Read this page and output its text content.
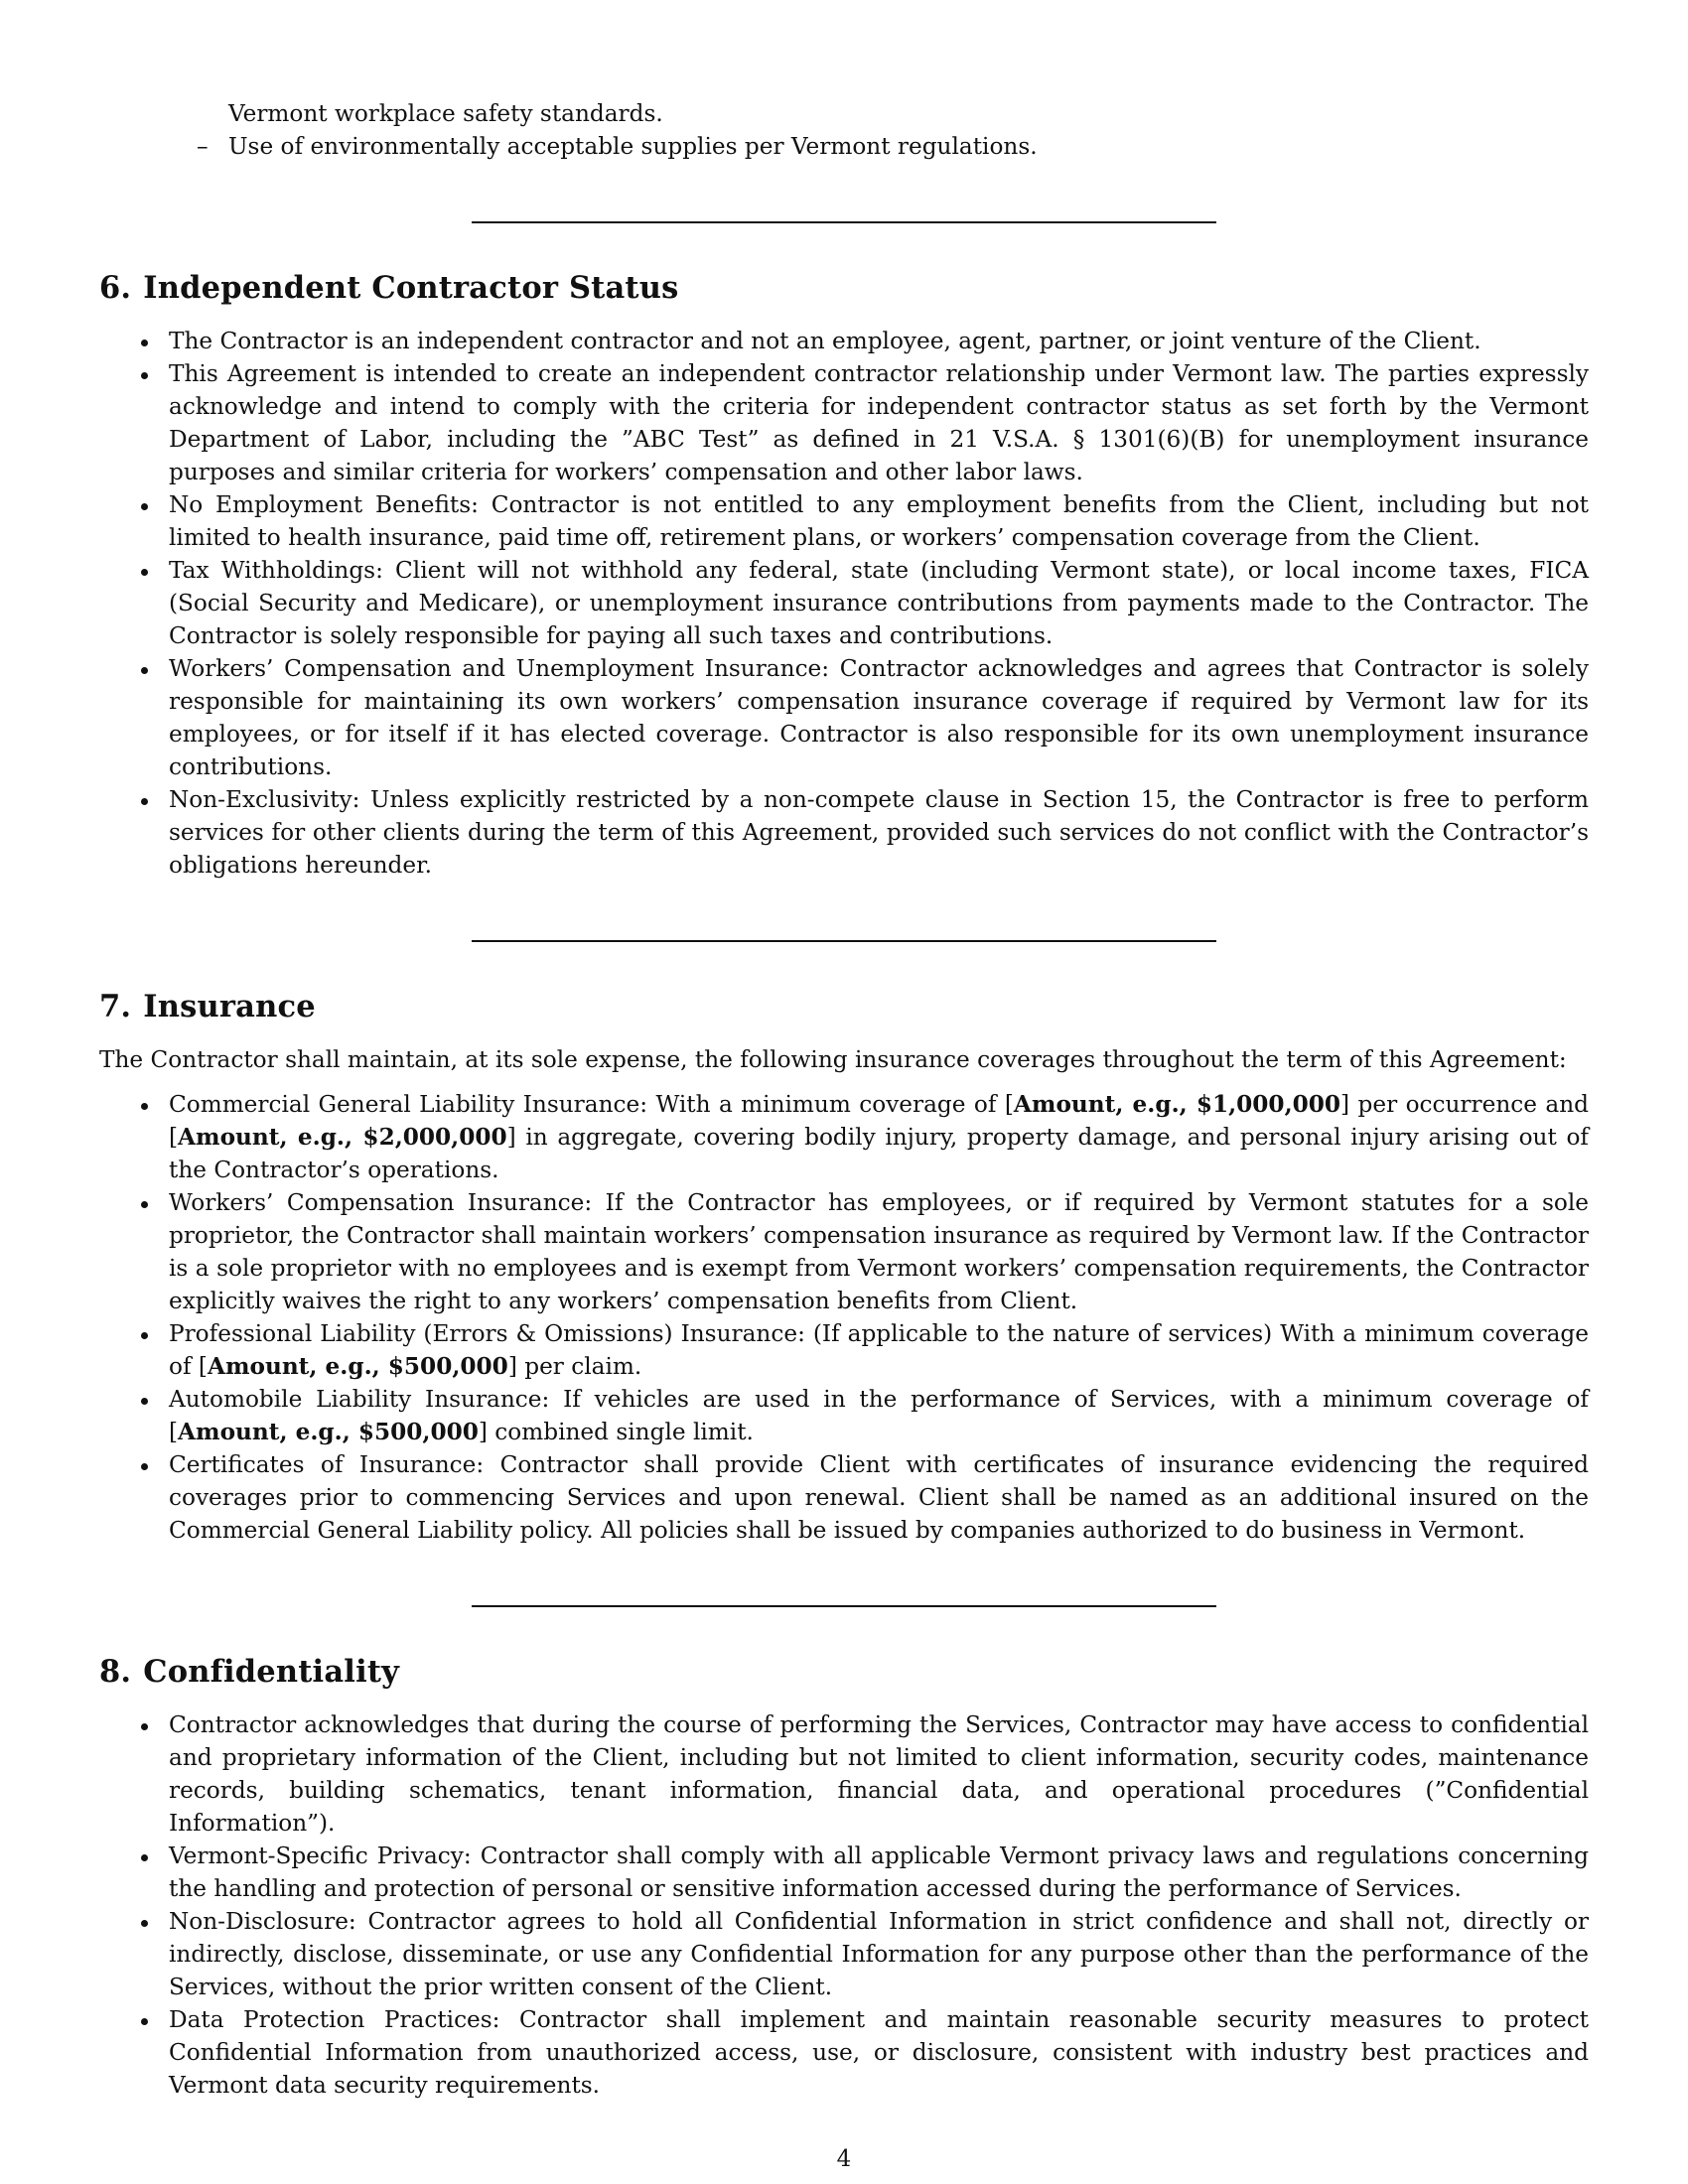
Vermont workplace safety standards.
– Use of environmentally acceptable supplies per Vermont regulations.
6. Independent Contractor Status
The Contractor is an independent contractor and not an employee, agent, partner, or joint venture of the Client.
This Agreement is intended to create an independent contractor relationship under Vermont law. The parties expressly acknowledge and intend to comply with the criteria for independent contractor status as set forth by the Vermont Department of Labor, including the ”ABC Test” as defined in 21 V.S.A. § 1301(6)(B) for unemployment insurance purposes and similar criteria for workers’ compensation and other labor laws.
No Employment Benefits: Contractor is not entitled to any employment benefits from the Client, including but not limited to health insurance, paid time off, retirement plans, or workers’ compensation coverage from the Client.
Tax Withholdings: Client will not withhold any federal, state (including Vermont state), or local income taxes, FICA (Social Security and Medicare), or unemployment insurance contributions from payments made to the Contractor. The Contractor is solely responsible for paying all such taxes and contributions.
Workers’ Compensation and Unemployment Insurance: Contractor acknowledges and agrees that Contractor is solely responsible for maintaining its own workers’ compensation insurance coverage if required by Vermont law for its employees, or for itself if it has elected coverage. Contractor is also responsible for its own unemployment insurance contributions.
Non-Exclusivity: Unless explicitly restricted by a non-compete clause in Section 15, the Contractor is free to perform services for other clients during the term of this Agreement, provided such services do not conflict with the Contractor’s obligations hereunder.
7. Insurance

The Contractor shall maintain, at its sole expense, the following insurance coverages throughout the term of this Agreement:

Commercial General Liability Insurance: With a minimum coverage of [Amount, e.g., $1,000,000] per occurrence and [Amount, e.g., $2,000,000] in aggregate, covering bodily injury, property damage, and personal injury arising out of the Contractor’s operations.
Workers’ Compensation Insurance: If the Contractor has employees, or if required by Vermont statutes for a sole proprietor, the Contractor shall maintain workers’ compensation insurance as required by Vermont law. If the Contractor is a sole proprietor with no employees and is exempt from Vermont workers’ compensation requirements, the Contractor explicitly waives the right to any workers’ compensation benefits from Client.
Professional Liability (Errors & Omissions) Insurance: (If applicable to the nature of services) With a minimum coverage of [Amount, e.g., $500,000] per claim.
Automobile Liability Insurance: If vehicles are used in the performance of Services, with a minimum coverage of [Amount, e.g., $500,000] combined single limit.
Certificates of Insurance: Contractor shall provide Client with certificates of insurance evidencing the required coverages prior to commencing Services and upon renewal. Client shall be named as an additional insured on the Commercial General Liability policy. All policies shall be issued by companies authorized to do business in Vermont.
8. Confidentiality
Contractor acknowledges that during the course of performing the Services, Contractor may have access to confidential and proprietary information of the Client, including but not limited to client information, security codes, maintenance records, building schematics, tenant information, financial data, and operational procedures (”Confidential Information”).
Vermont-Specific Privacy: Contractor shall comply with all applicable Vermont privacy laws and regulations concerning the handling and protection of personal or sensitive information accessed during the performance of Services.
Non-Disclosure: Contractor agrees to hold all Confidential Information in strict confidence and shall not, directly or indirectly, disclose, disseminate, or use any Confidential Information for any purpose other than the performance of the Services, without the prior written consent of the Client.
Data Protection Practices: Contractor shall implement and maintain reasonable security measures to protect Confidential Information from unauthorized access, use, or disclosure, consistent with industry best practices and Vermont data security requirements.
4
